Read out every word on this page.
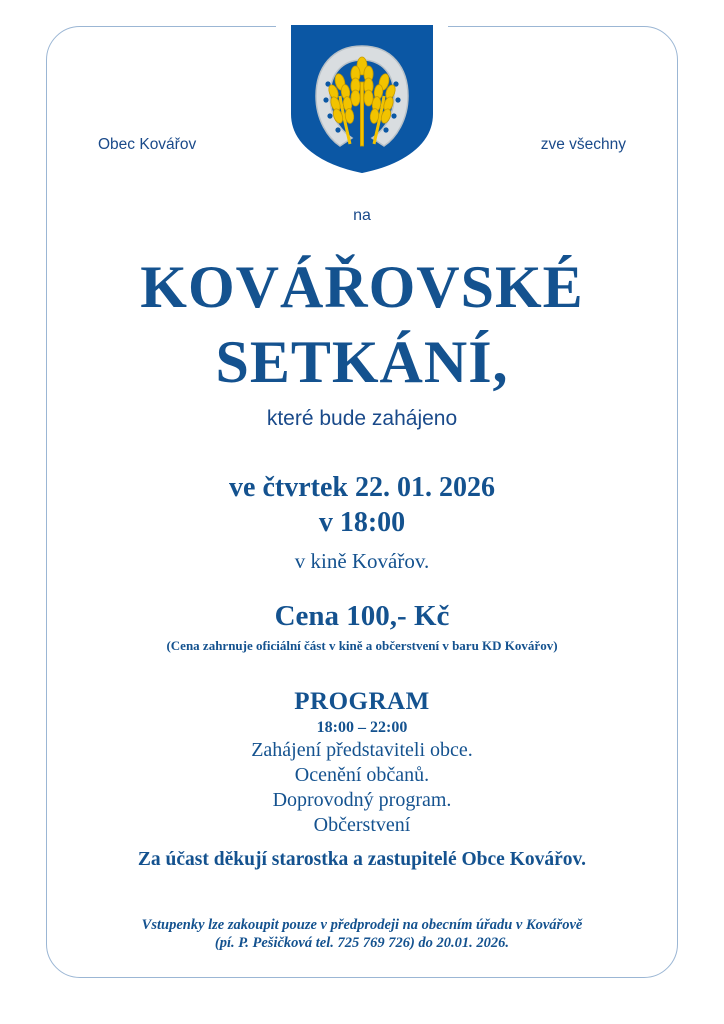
Obec Kovářov	zve všechny
na
KOVÁŘOVSKÉ
SETKÁNÍ,
které bude zahájeno
ve čtvrtek 22. 01. 2026
v 18:00
v kině Kovářov.
Cena 100,- Kč
(Cena zahrnuje oficiální část v kině a občerstvení v baru KD Kovářov)
PROGRAM
18:00 – 22:00
Zahájení představiteli obce.
Ocenění občanů.
Doprovodný program.
Občerstvení
Za účast děkují starostka a zastupitelé Obce Kovářov.
Vstupenky lze zakoupit pouze v předprodeji na obecním úřadu v Kovářově
(pí. P. Pešičková tel. 725 769 726) do 20.01. 2026.
